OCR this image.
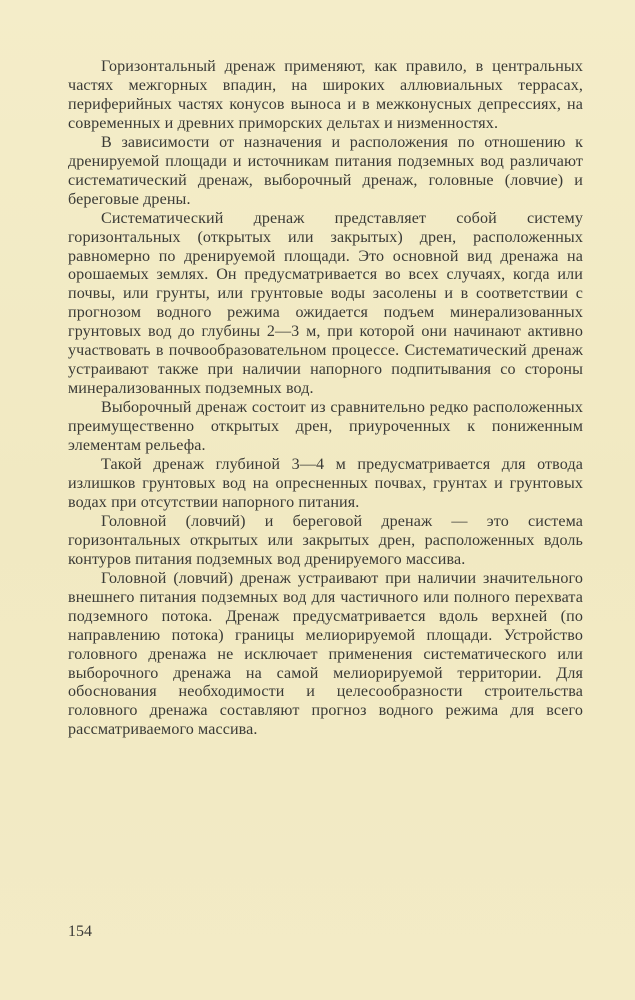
Горизонтальный дренаж применяют, как правило, в центральных частях межгорных впадин, на широких аллювиальных террасах, периферийных частях конусов выноса и в межконусных депрессиях, на современных и древних приморских дельтах и низменностях.

В зависимости от назначения и расположения по отношению к дренируемой площади и источникам питания подземных вод различают систематический дренаж, выборочный дренаж, головные (ловчие) и береговые дрены.

Систематический дренаж представляет собой систему горизонтальных (открытых или закрытых) дрен, расположенных равномерно по дренируемой площади. Это основной вид дренажа на орошаемых землях. Он предусматривается во всех случаях, когда или почвы, или грунты, или грунтовые воды засолены и в соответствии с прогнозом водного режима ожидается подъем минерализованных грунтовых вод до глубины 2—3 м, при которой они начинают активно участвовать в почвообразовательном процессе. Систематический дренаж устраивают также при наличии напорного подпитывания со стороны минерализованных подземных вод.

Выборочный дренаж состоит из сравнительно редко расположенных преимущественно открытых дрен, приуроченных к пониженным элементам рельефа.

Такой дренаж глубиной 3—4 м предусматривается для отвода излишков грунтовых вод на опресненных почвах, грунтах и грунтовых водах при отсутствии напорного питания.

Головной (ловчий) и береговой дренаж — это система горизонтальных открытых или закрытых дрен, расположенных вдоль контуров питания подземных вод дренируемого массива.

Головной (ловчий) дренаж устраивают при наличии значительного внешнего питания подземных вод для частичного или полного перехвата подземного потока. Дренаж предусматривается вдоль верхней (по направлению потока) границы мелиорируемой площади. Устройство головного дренажа не исключает применения систематического или выборочного дренажа на самой мелиорируемой территории. Для обоснования необходимости и целесообразности строительства головного дренажа составляют прогноз водного режима для всего рассматриваемого массива.

154
